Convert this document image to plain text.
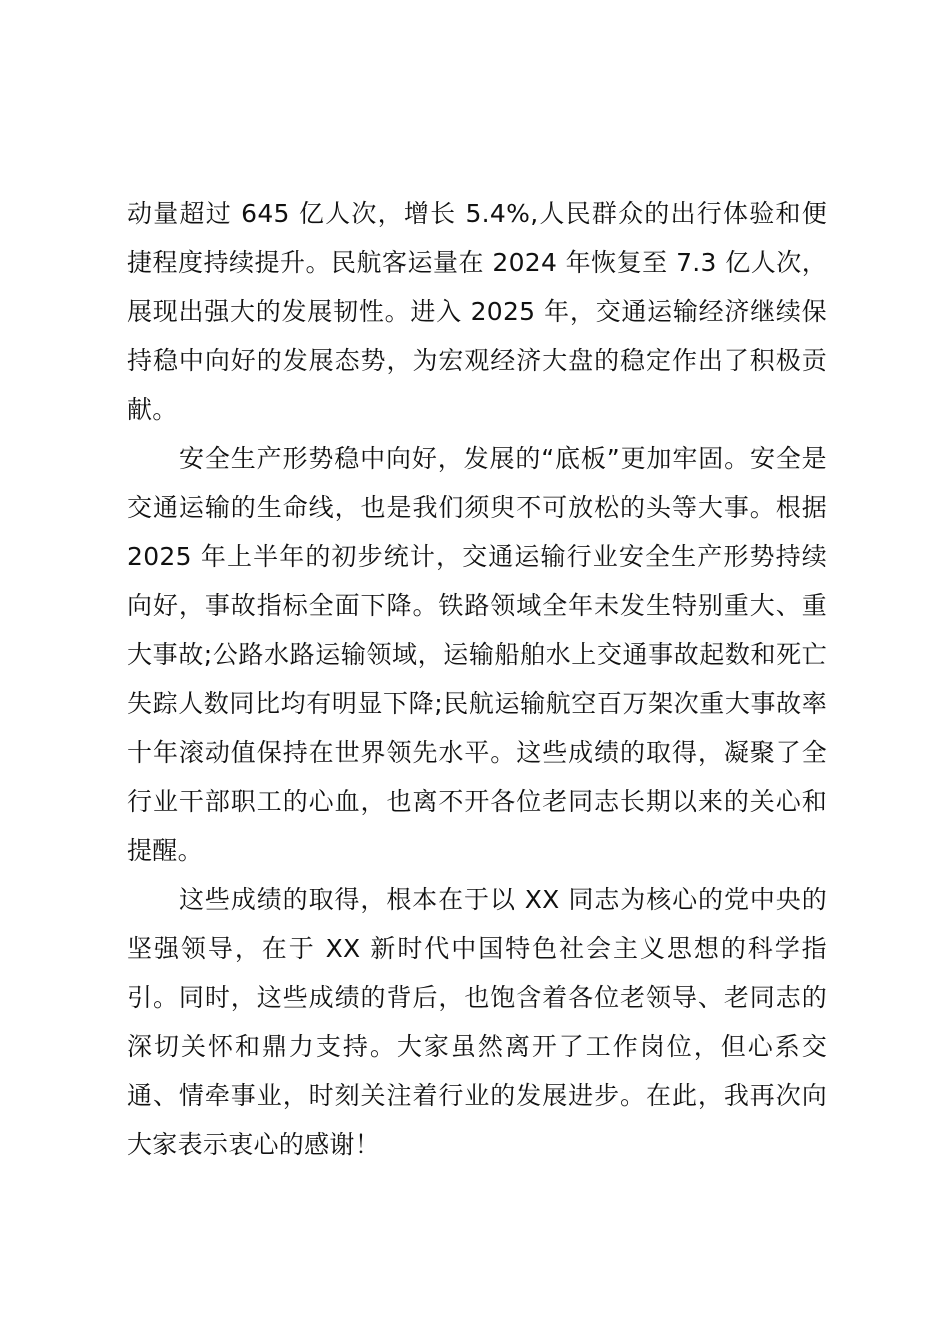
动量超过 645 亿人次，增长 5.4%,人民群众的出行体验和便捷程度持续提升。民航客运量在 2024 年恢复至 7.3 亿人次，展现出强大的发展韧性。进入 2025 年，交通运输经济继续保持稳中向好的发展态势，为宏观经济大盘的稳定作出了积极贡献。

安全生产形势稳中向好，发展的“底板”更加牢固。安全是交通运输的生命线，也是我们须臾不可放松的头等大事。根据 2025 年上半年的初步统计，交通运输行业安全生产形势持续向好，事故指标全面下降。铁路领域全年未发生特别重大、重大事故;公路水路运输领域，运输船舶水上交通事故起数和死亡失踪人数同比均有明显下降;民航运输航空百万架次重大事故率十年滚动值保持在世界领先水平。这些成绩的取得，凝聚了全行业干部职工的心血，也离不开各位老同志长期以来的关心和提醒。

这些成绩的取得，根本在于以 XX 同志为核心的党中央的坚强领导，在于 XX 新时代中国特色社会主义思想的科学指引。同时，这些成绩的背后，也饱含着各位老领导、老同志的深切关怀和鼎力支持。大家虽然离开了工作岗位，但心系交通、情牵事业，时刻关注着行业的发展进步。在此，我再次向大家表示衷心的感谢！
